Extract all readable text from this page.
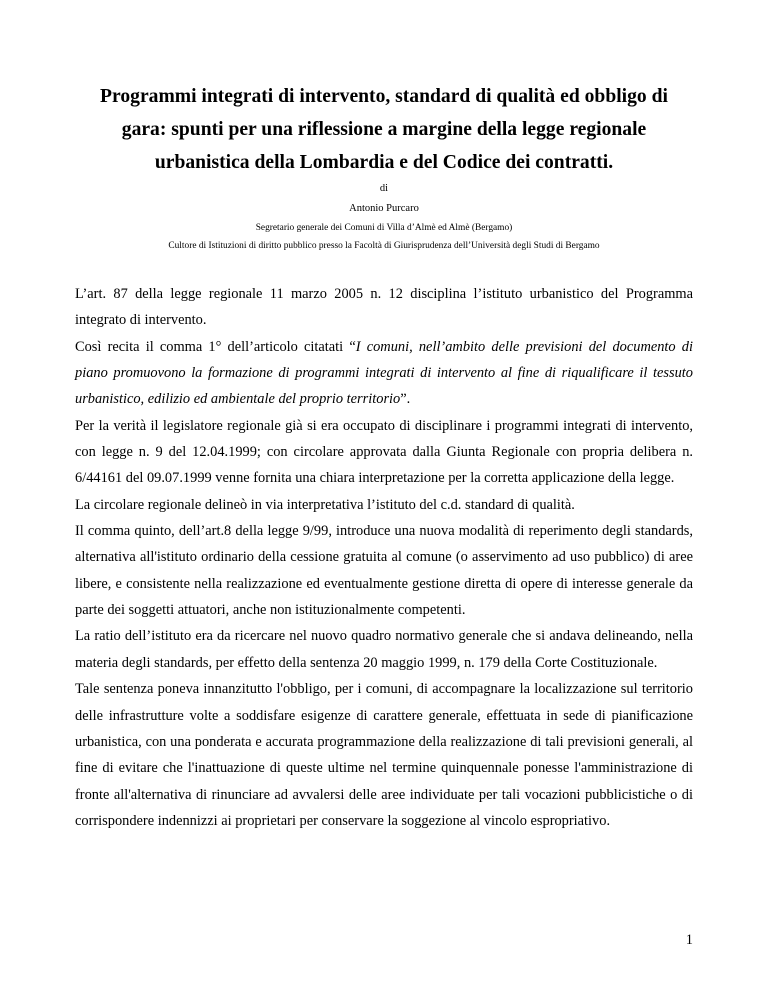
Programmi integrati di intervento, standard di qualità ed obbligo di
gara: spunti per una riflessione a margine della legge regionale
urbanistica della Lombardia e del Codice dei contratti.
di
Antonio Purcaro
Segretario generale dei Comuni di Villa d’Almè ed Almè (Bergamo)
Cultore di Istituzioni di diritto pubblico presso la Facoltà di Giurisprudenza dell’Università degli Studi di Bergamo

L’art. 87 della legge regionale 11 marzo 2005 n. 12 disciplina l’istituto urbanistico del Programma integrato di intervento.

Così recita il comma 1° dell’articolo citatati “I comuni, nell’ambito delle previsioni del documento di piano promuovono la formazione di programmi integrati di intervento al fine di riqualificare il tessuto urbanistico, edilizio ed ambientale del proprio territorio”.

Per la verità il legislatore regionale già si era occupato di disciplinare i programmi integrati di intervento, con legge n. 9 del 12.04.1999; con circolare approvata dalla Giunta Regionale con propria delibera n. 6/44161 del 09.07.1999 venne fornita una chiara interpretazione per la corretta applicazione della legge.

La circolare regionale delineò in via interpretativa l’istituto del c.d. standard di qualità.

Il comma quinto, dell’art.8 della legge 9/99, introduce una nuova modalità di reperimento degli standards, alternativa all'istituto ordinario della cessione gratuita al comune (o asservimento ad uso pubblico) di aree libere, e consistente nella realizzazione ed eventualmente gestione diretta di opere di interesse generale da parte dei soggetti attuatori, anche non istituzionalmente competenti.

La ratio dell’istituto era da ricercare nel nuovo quadro normativo generale che si andava delineando, nella materia degli standards, per effetto della sentenza 20 maggio 1999, n. 179 della Corte Costituzionale.

Tale sentenza poneva innanzitutto l'obbligo, per i comuni, di accompagnare la localizzazione sul territorio delle infrastrutture volte a soddisfare esigenze di carattere generale, effettuata in sede di pianificazione urbanistica, con una ponderata e accurata programmazione della realizzazione di tali previsioni generali, al fine di evitare che l'inattuazione di queste ultime nel termine quinquennale ponesse l'amministrazione di fronte all'alternativa di rinunciare ad avvalersi delle aree individuate per tali vocazioni pubblicistiche o di corrispondere indennizzi ai proprietari per conservare la soggezione al vincolo espropriativo.

1
